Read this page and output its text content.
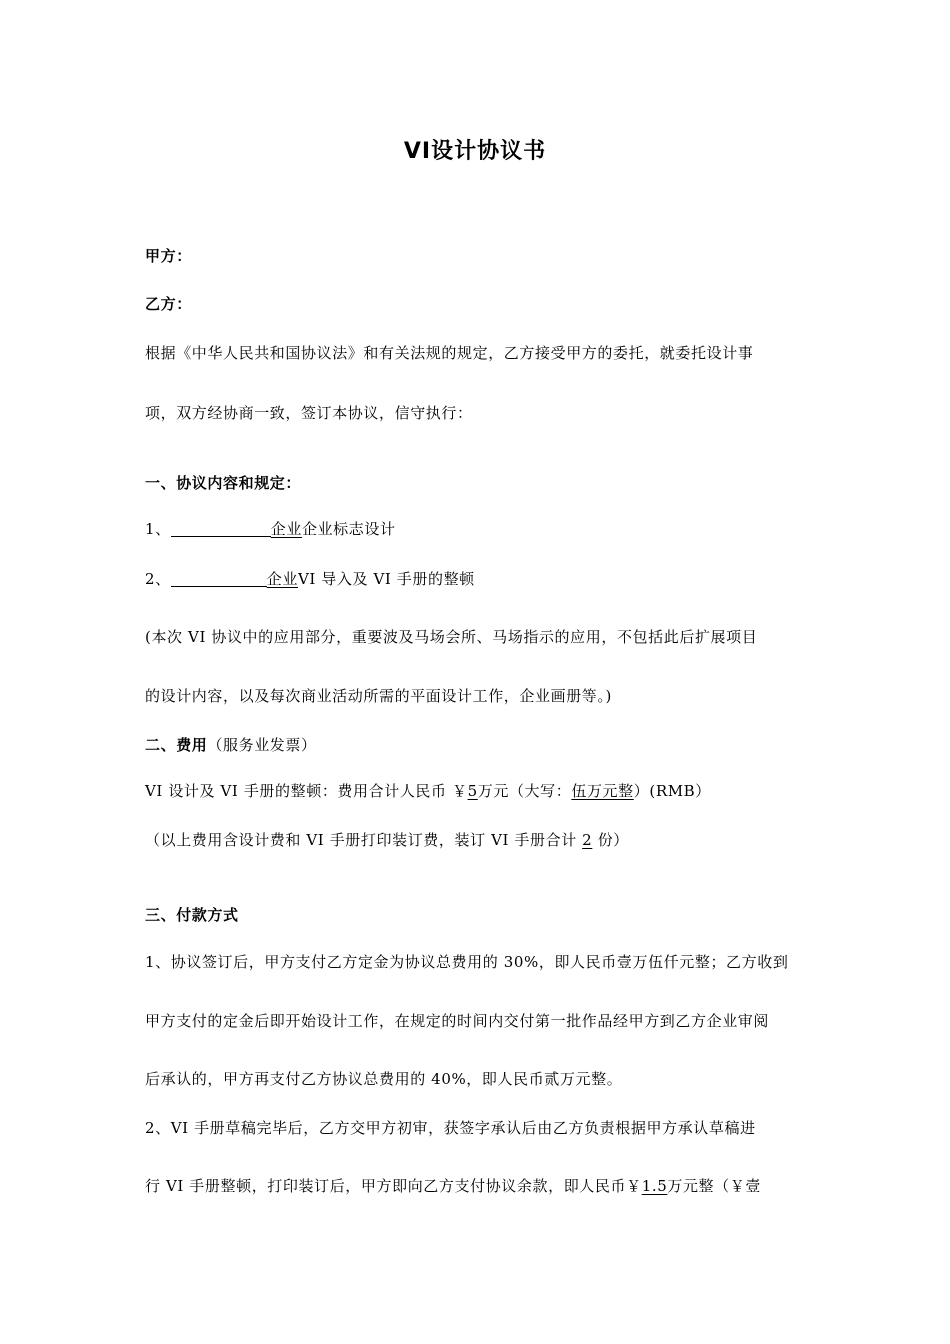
VI设计协议书
甲方：
乙方：
根据《中华人民共和国协议法》和有关法规的规定，乙方接受甲方的委托，就委托设计事
项，双方经协商一致，签订本协议，信守执行：
一、协议内容和规定：
1、	企业企业标志设计
2、	企业VI 导入及 VI 手册的整顿
(本次 VI 协议中的应用部分，重要波及马场会所、马场指示的应用，不包括此后扩展项目
的设计内容，以及每次商业活动所需的平面设计工作，企业画册等。)
二、费用（服务业发票）
VI 设计及 VI 手册的整顿：费用合计人民币 ￥5万元（大写：伍万元整）(RMB）
（以上费用含设计费和 VI 手册打印装订费，装订 VI 手册合计 2 份）
三、付款方式
1、协议签订后，甲方支付乙方定金为协议总费用的 30%，即人民币壹万伍仟元整；乙方收到
甲方支付的定金后即开始设计工作，在规定的时间内交付第一批作品经甲方到乙方企业审阅
后承认的，甲方再支付乙方协议总费用的 40%，即人民币贰万元整。
2、VI 手册草稿完毕后，乙方交甲方初审，获签字承认后由乙方负责根据甲方承认草稿进
行 VI 手册整顿，打印装订后，甲方即向乙方支付协议余款，即人民币￥1.5万元整（￥壹
